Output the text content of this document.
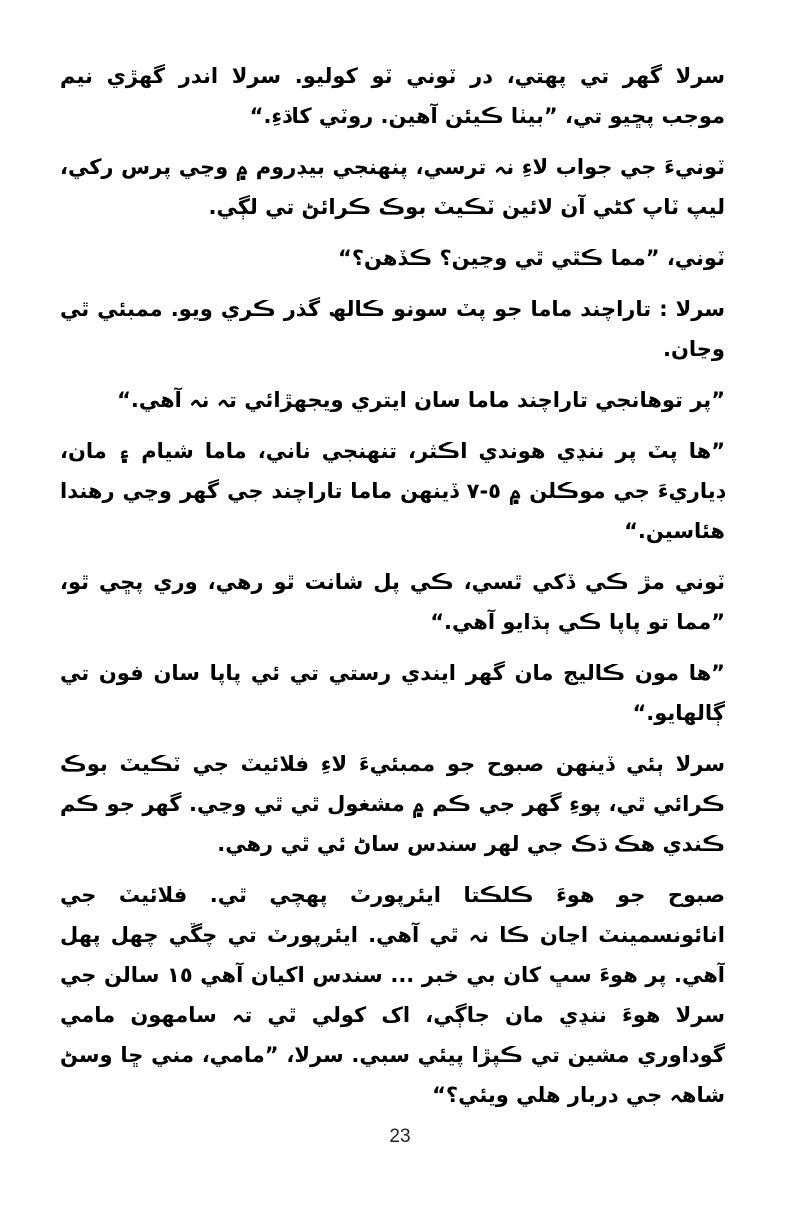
سرلا گھر تي پھتي، در ٽوني ٽو کوليو. سرلا اندر گھڙي نيم موجب پڇيو تي، ”بيٺا ڪيئن آهين. روٽي کاڌءِ.“

ٽونيءَ جي جواب لاءِ نہ ترسي، پنهنجي بيڊروم ۾ وڃي پرس رکي، ليپ ٽاپ کڻي آن لائين ٽڪيٽ بوڪ ڪرائڻ تي لڳي.

ٽوني، ”مما ڪٿي ٿي وڃين؟ ڪڏهن؟“

سرلا : تاراچند ماما جو پٽ سونو ڪالھ گذر ڪري ويو. ممبئي ٿي وڃان.

”پر توهانجي تاراچند ماما سان ايتري ويجهڙائي تہ نہ آهي.“

”ها پٽ پر ننڍي هوندي اڪثر، تنهنجي ناني، ماما شيام ۽ مان، ڊياريءَ جي موڪلن ۾ ٥-٧ ڏينهن ماما تاراچند جي گھر وڃي رهندا هئاسين.“

ٽوني مڙ ڪي ڏکي ٿسي، ڪي پل شانت ٿو رهي، وري پڇي ٿو، ”مما تو پاپا ڪي ٻڌايو آهي.“

”ها مون ڪاليج مان گھر ايندي رستي تي ئي پاپا سان فون تي ڳالهايو.“

سرلا ٻئي ڏينهن صبوح جو ممبئيءَ لاءِ فلائيٽ جي ٽڪيٽ بوڪ ڪرائي ٿي، پوءِ گھر جي ڪم ۾ مشغول ٿي ٿي وڃي. گھر جو ڪم ڪندي هڪ ڌڪ جي لهر سندس ساڻ ئي ٿي رهي.

صبوح جو هوءَ ڪلڪتا ايئرپورٽ پهچي ٿي. فلائيٽ جي انائونسمينٽ اڃان ڪا نہ ٿي آهي. ايئرپورٽ تي چڱي چهل پهل آهي. پر هوءَ سڀ کان بي خبر ... سندس اکيان آهي ١٥ سالن جي سرلا هوءَ ننڍي مان جاڳي، اک کولي ٿي تہ سامهون مامي گوداوري مشين تي ڪپڙا پيئي سبي. سرلا، ”مامي، مني ڇا وسڻ شاهہ جي دربار هلي ويئي؟“

23
